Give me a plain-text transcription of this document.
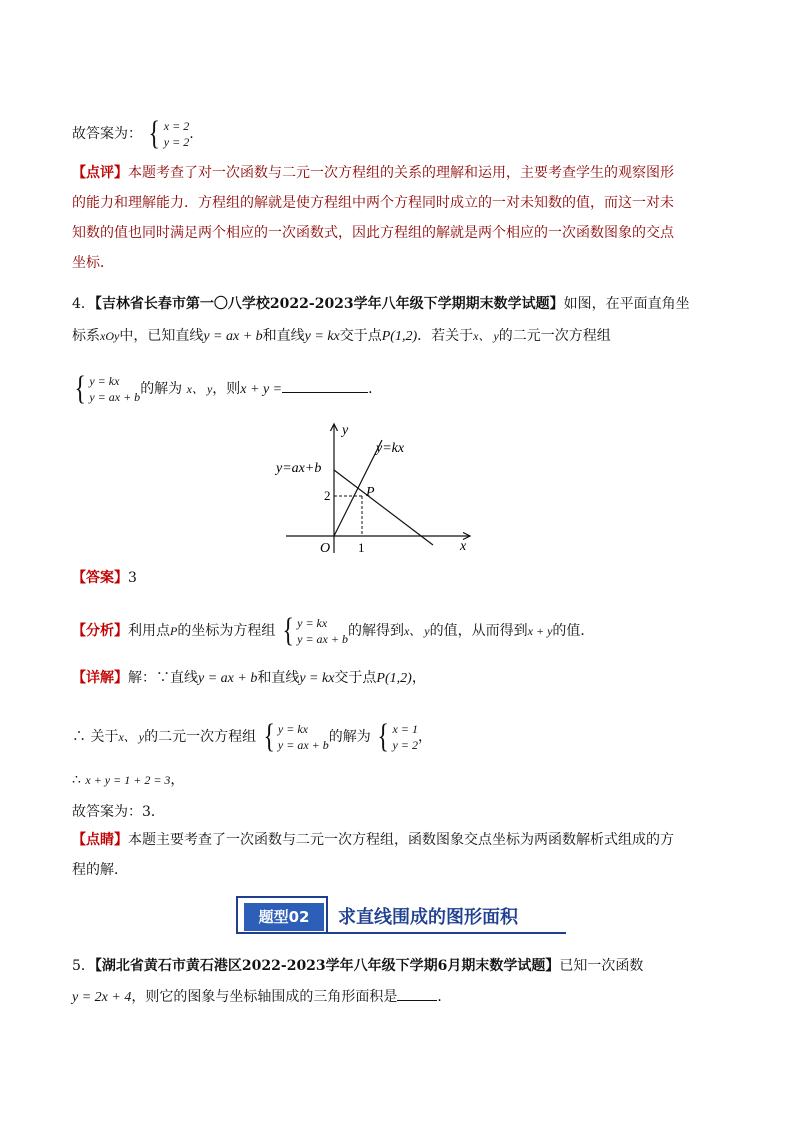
故答案为： { x = 2
y = 2 .
【点评】本题考查了对一次函数与二元一次方程组的关系的理解和运用，主要考查学生的观察图形
的能力和理解能力．方程组的解就是使方程组中两个方程同时成立的一对未知数的值，而这一对未
知数的值也同时满足两个相应的一次函数式，因此方程组的解就是两个相应的一次函数图象的交点
坐标．
4．【吉林省长春市第一〇八学校2022-2023学年八年级下学期期末数学试题】如图，在平面直角坐
标系xOy中，已知直线y = ax + b和直线y = kx交于点P(1,2)．若关于x、 y的二元一次方程组
{ y = kx
y = ax + b 的解为 x、 y，则x + y =	．
y
x
O
y=kx
y=ax+b
P
1
2
【答案】3
【分析】利用点P的坐标为方程组 { y = kx
y = ax + b 的解得到x、 y的值，从而得到x + y的值．
【详解】解：∵直线y = ax + b和直线y = kx交于点P(1,2)，
∴ 关于x、 y的二元一次方程组 { y = kx
y = ax + b 的解为 { x = 1
y = 2 ，
∴ x + y = 1 + 2 = 3，
故答案为：3．
【点睛】本题主要考查了一次函数与二元一次方程组，函数图象交点坐标为两函数解析式组成的方
程的解．
题型02	求直线围成的图形面积
5．【湖北省黄石市黄石港区2022-2023学年八年级下学期6月期末数学试题】已知一次函数
y = 2x + 4，则它的图象与坐标轴围成的三角形面积是	．
